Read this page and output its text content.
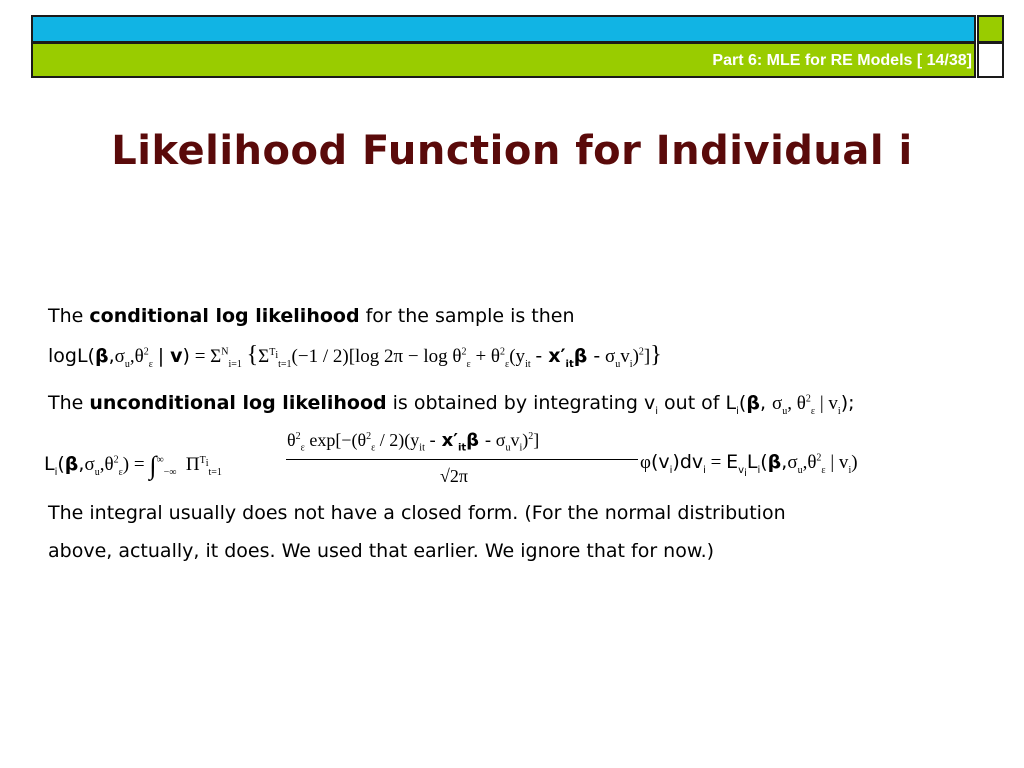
Part 6: MLE for RE Models [ 14/38]
Likelihood Function for Individual i
The conditional log likelihood for the sample is then
$\log L(\beta,\sigma_u,\theta^2_\varepsilon$ | $v) = \Sigma^N_{i=1}$ {$\Sigma^{T_i}_{t=1}(-1 / 2)[\log$ $2\pi - \log \theta^2_\varepsilon + \theta^2_\varepsilon(y_{it} - x'_{it}\beta - \sigma_uv_i)^2$]}
The unconditional log likelihood is obtained by integrating $v_i$ out of $L_i(\beta$, $\sigma_u$, $\theta^2_\varepsilon$ | $v_i$);
$L_i(\beta,\sigma_u,\theta^2_\varepsilon) = \int^\infty_{-\infty}$  $\Pi^{T_i}_{t=1}$
$\theta^2_\varepsilon$ $\exp[-(\theta^2_\varepsilon / 2)(y_{it} - x'_{it}\beta - \sigma_uv_i)^2]$
√2π
$\varphi(v_i)dv_i = E_{v_i}L_i(\beta,\sigma_u,\theta^2_\varepsilon$ | $v_i$)
The integral usually does not have a closed form. (For the normal distribution
above, actually, it does. We used that earlier. We ignore that for now.)
